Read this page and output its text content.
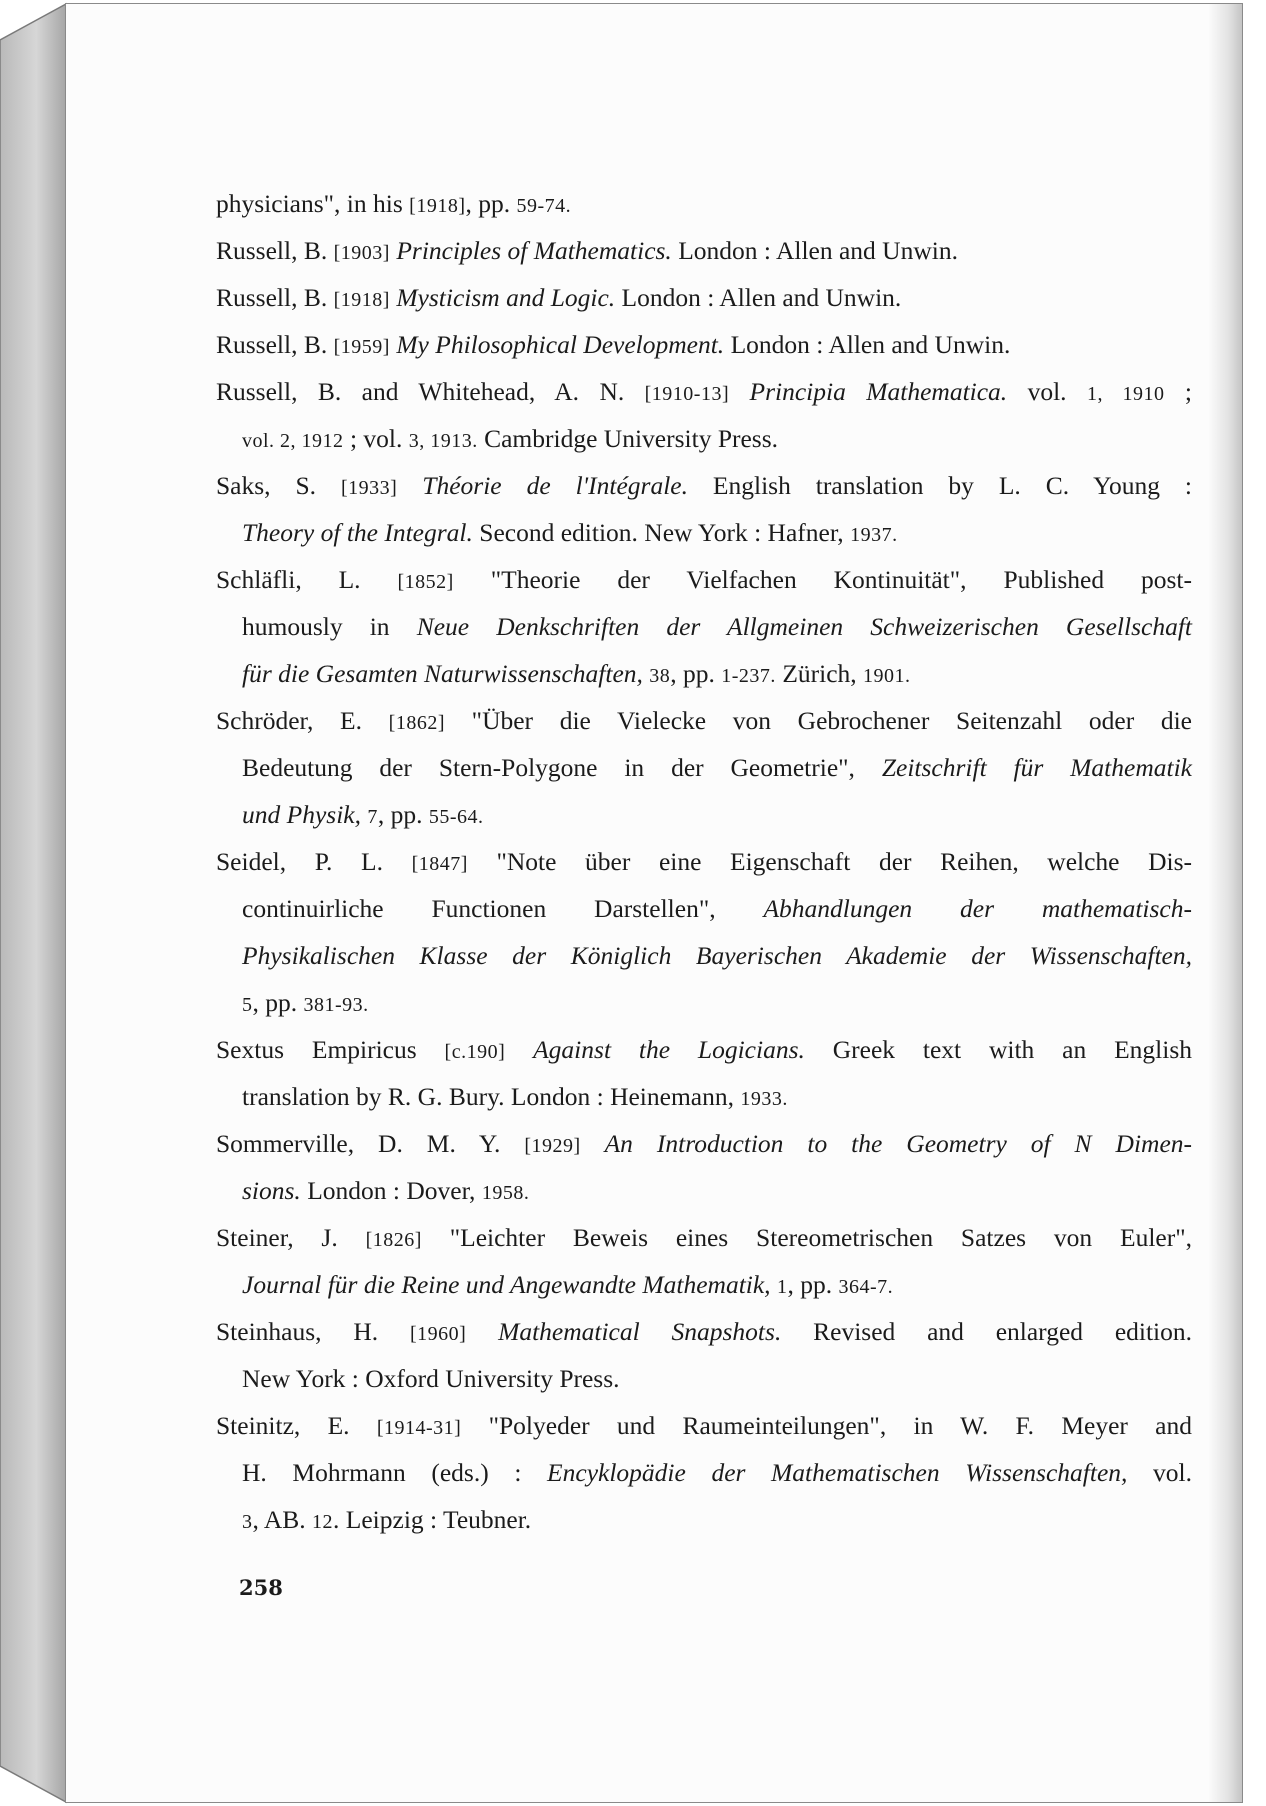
physicians", in his [1918], pp. 59-74.
Russell, B. [1903] Principles of Mathematics. London : Allen and Unwin.
Russell, B. [1918] Mysticism and Logic. London : Allen and Unwin.
Russell, B. [1959] My Philosophical Development. London : Allen and Unwin.
Russell, B. and Whitehead, A. N. [1910-13] Principia Mathematica. vol. 1, 1910 ;
vol. 2, 1912 ; vol. 3, 1913. Cambridge University Press.
Saks, S. [1933] Théorie de l'Intégrale. English translation by L. C. Young :
Theory of the Integral. Second edition. New York : Hafner, 1937.
Schläfli, L. [1852] "Theorie der Vielfachen Kontinuität", Published post-
humously in Neue Denkschriften der Allgmeinen Schweizerischen Gesellschaft
für die Gesamten Naturwissenschaften, 38, pp. 1-237. Zürich, 1901.
Schröder, E. [1862] "Über die Vielecke von Gebrochener Seitenzahl oder die
Bedeutung der Stern-Polygone in der Geometrie", Zeitschrift für Mathematik
und Physik, 7, pp. 55-64.
Seidel, P. L. [1847] "Note über eine Eigenschaft der Reihen, welche Dis-
continuirliche Functionen Darstellen", Abhandlungen der mathematisch-
Physikalischen Klasse der Königlich Bayerischen Akademie der Wissenschaften,
5, pp. 381-93.
Sextus Empiricus [c.190] Against the Logicians. Greek text with an English
translation by R. G. Bury. London : Heinemann, 1933.
Sommerville, D. M. Y. [1929] An Introduction to the Geometry of N Dimen-
sions. London : Dover, 1958.
Steiner, J. [1826] "Leichter Beweis eines Stereometrischen Satzes von Euler",
Journal für die Reine und Angewandte Mathematik, 1, pp. 364-7.
Steinhaus, H. [1960] Mathematical Snapshots. Revised and enlarged edition.
New York : Oxford University Press.
Steinitz, E. [1914-31] "Polyeder und Raumeinteilungen", in W. F. Meyer and
H. Mohrmann (eds.) : Encyklopädie der Mathematischen Wissenschaften, vol.
3, AB. 12. Leipzig : Teubner.
258
